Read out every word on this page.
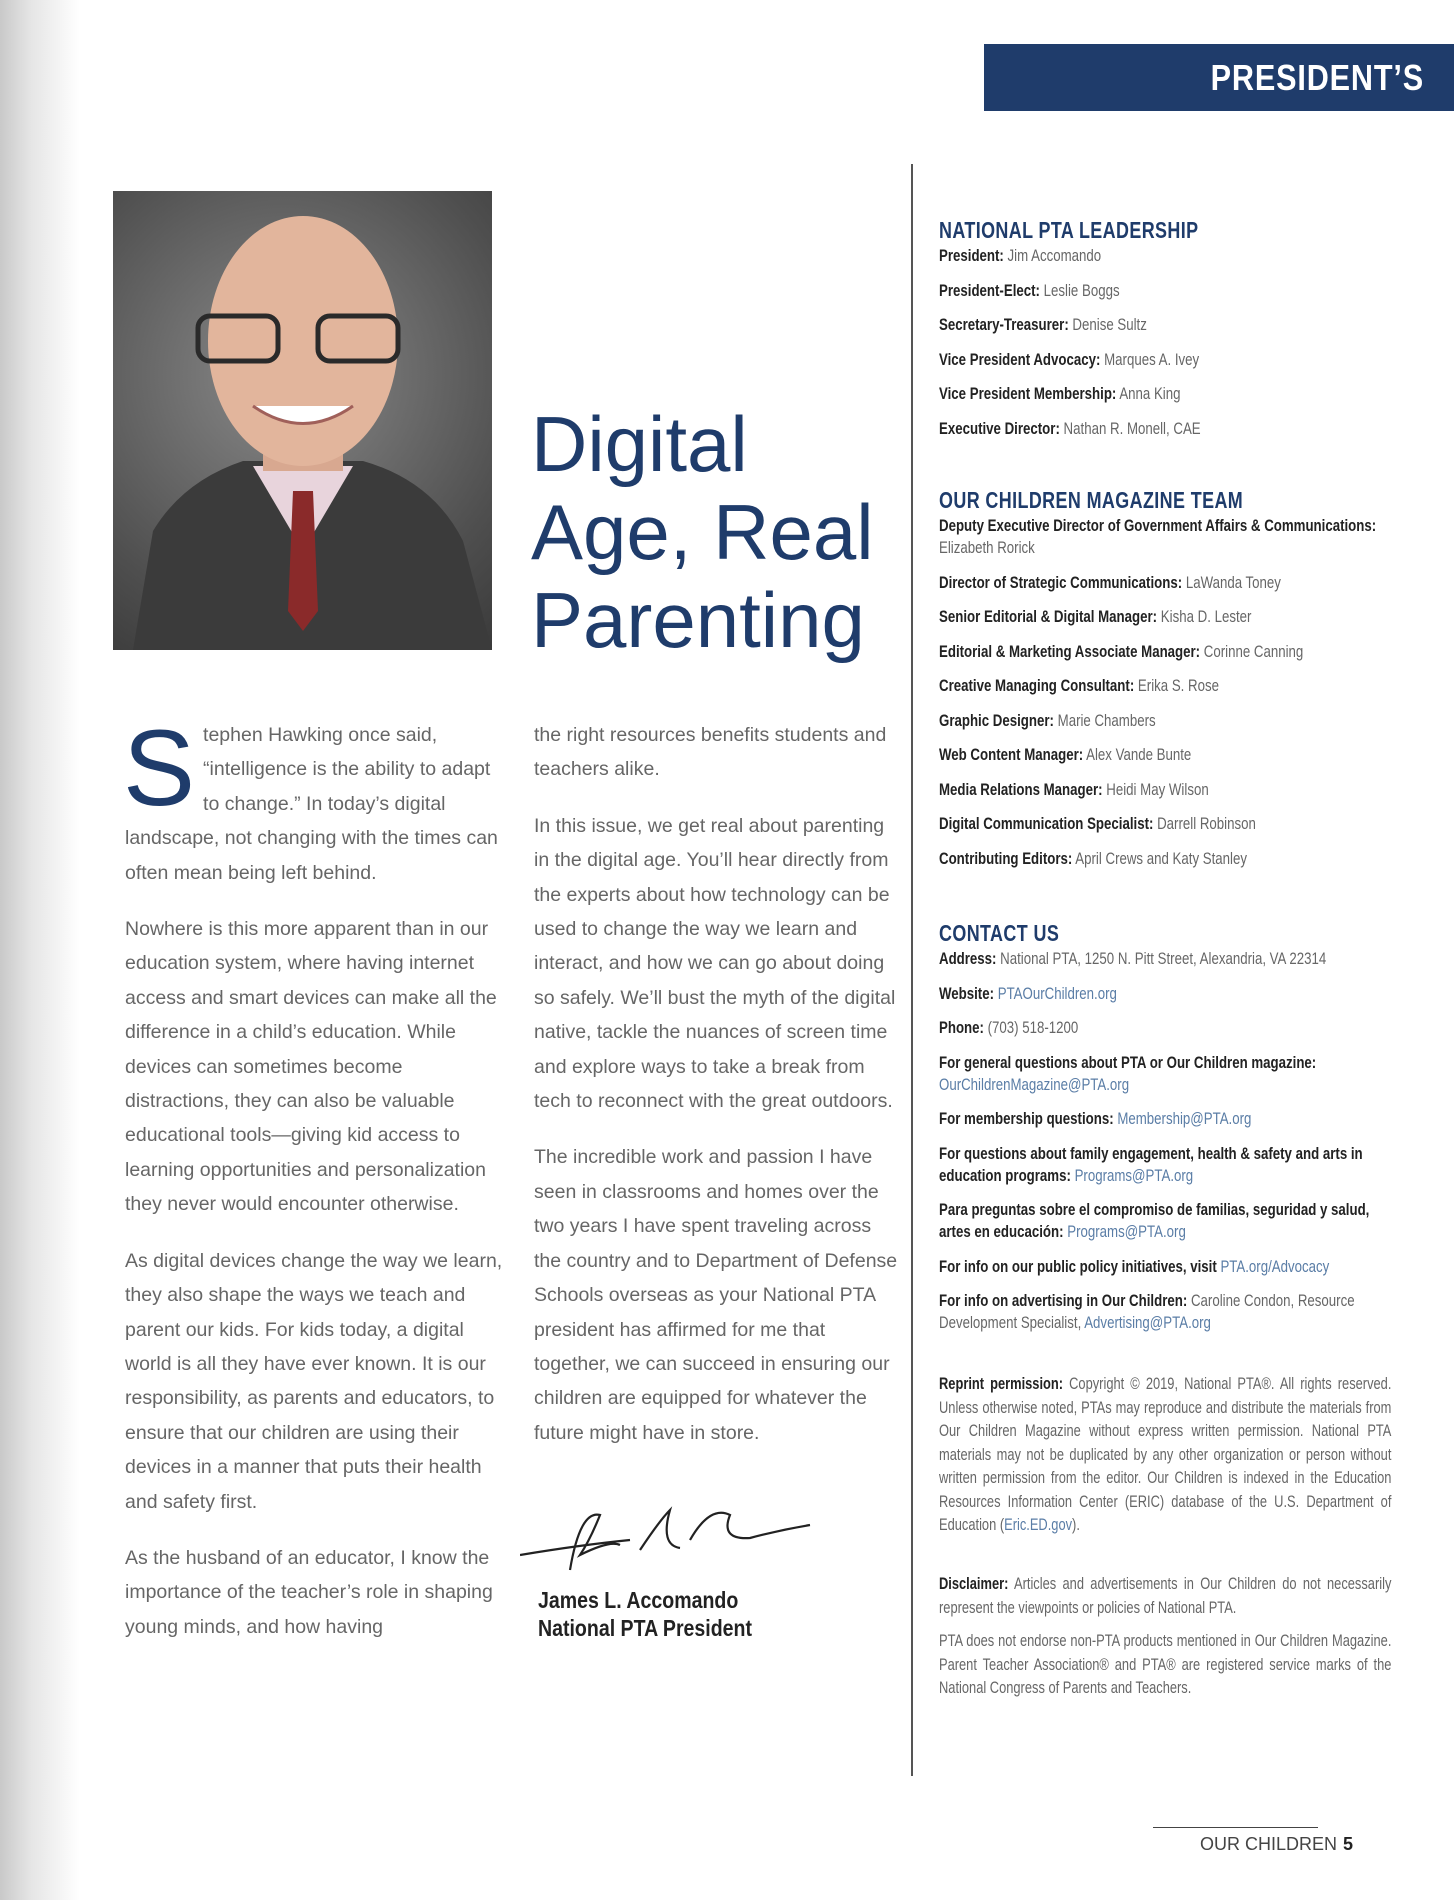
PRESIDENT’S MESSAGE
Digital
Age, Real
Parenting

Stephen Hawking once said, “intelligence is the ability to adapt to change.” In today’s digital landscape, not changing with the times can often mean being left behind.

Nowhere is this more apparent than in our education system, where having internet access and smart devices can make all the difference in a child’s education. While devices can sometimes become distractions, they can also be valuable educational tools—giving kid access to learning opportunities and personalization they never would encounter otherwise.

As digital devices change the way we learn, they also shape the ways we teach and parent our kids. For kids today, a digital world is all they have ever known. It is our responsibility, as parents and educators, to ensure that our children are using their devices in a manner that puts their health and safety first.

As the husband of an educator, I know the importance of the teacher’s role in shaping young minds, and how having

the right resources benefits students and teachers alike.

In this issue, we get real about parenting in the digital age. You’ll hear directly from the experts about how technology can be used to change the way we learn and interact, and how we can go about doing so safely. We’ll bust the myth of the digital native, tackle the nuances of screen time and explore ways to take a break from tech to reconnect with the great outdoors.

The incredible work and passion I have seen in classrooms and homes over the two years I have spent traveling across the country and to Department of Defense Schools overseas as your National PTA president has affirmed for me that together, we can succeed in ensuring our children are equipped for whatever the future might have in store.

James L. Accomando
National PTA President
NATIONAL PTA LEADERSHIP
President: Jim Accomando
President-Elect: Leslie Boggs
Secretary-Treasurer: Denise Sultz
Vice President Advocacy: Marques A. Ivey
Vice President Membership: Anna King
Executive Director: Nathan R. Monell, CAE
OUR CHILDREN MAGAZINE TEAM
Deputy Executive Director of Government Affairs & Communications: Elizabeth Rorick
Director of Strategic Communications: LaWanda Toney
Senior Editorial & Digital Manager: Kisha D. Lester
Editorial & Marketing Associate Manager: Corinne Canning
Creative Managing Consultant: Erika S. Rose
Graphic Designer: Marie Chambers
Web Content Manager: Alex Vande Bunte
Media Relations Manager: Heidi May Wilson
Digital Communication Specialist: Darrell Robinson
Contributing Editors: April Crews and Katy Stanley
CONTACT US
Address: National PTA, 1250 N. Pitt Street, Alexandria, VA 22314
Website: PTAOurChildren.org
Phone: (703) 518-1200
For general questions about PTA or Our Children magazine: OurChildrenMagazine@PTA.org
For membership questions: Membership@PTA.org
For questions about family engagement, health & safety and arts in education programs: Programs@PTA.org
Para preguntas sobre el compromiso de familias, seguridad y salud, artes en educación: Programs@PTA.org
For info on our public policy initiatives, visit PTA.org/Advocacy
For info on advertising in Our Children: Caroline Condon, Resource Development Specialist, Advertising@PTA.org
Reprint permission: Copyright © 2019, National PTA®. All rights reserved. Unless otherwise noted, PTAs may reproduce and distribute the materials from Our Children Magazine without express written permission. National PTA materials may not be duplicated by any other organization or person without written permission from the editor. Our Children is indexed in the Education Resources Information Center (ERIC) database of the U.S. Department of Education (Eric.ED.gov).
Disclaimer: Articles and advertisements in Our Children do not necessarily represent the viewpoints or policies of National PTA.
PTA does not endorse non-PTA products mentioned in Our Children Magazine. Parent Teacher Association® and PTA® are registered service marks of the National Congress of Parents and Teachers.
OUR CHILDREN 5
